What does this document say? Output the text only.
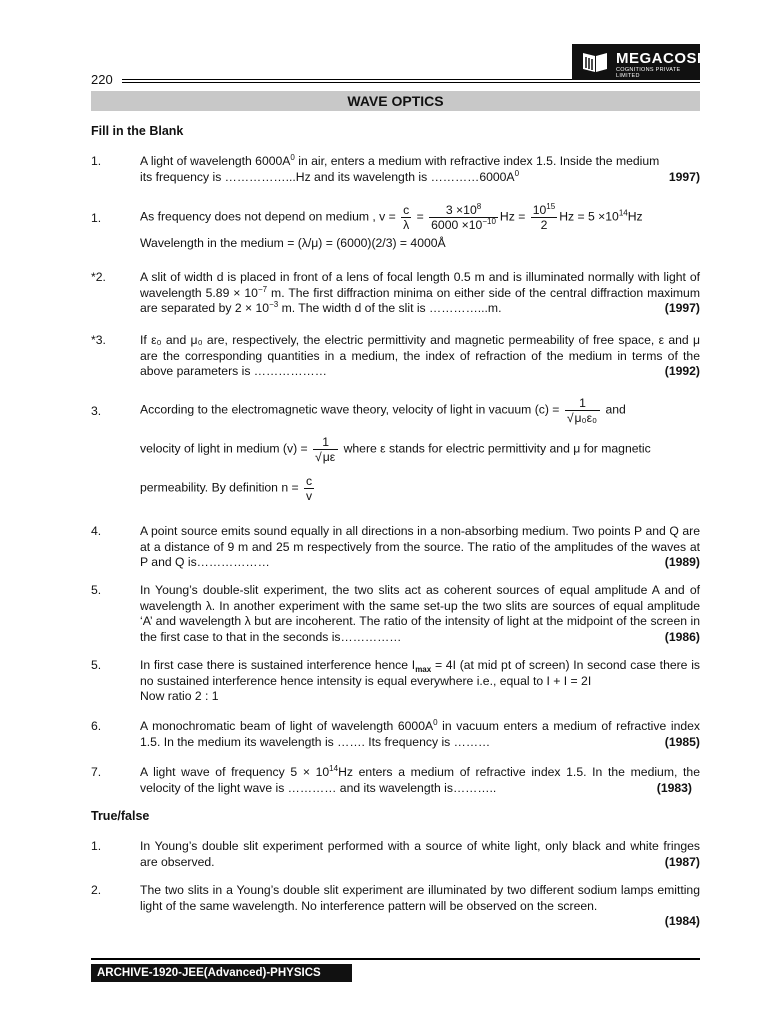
220
MEGACOSM
COGNITIONS PRIVATE LIMITED
WAVE OPTICS
Fill in the Blank
1.	A light of wavelength $6000A^0$ in air, enters a medium with refractive index 1.5. Inside the medium
its frequency is ……………...Hz and its wavelength is $\dots\dots\dots\dots 6000A^0$	1997)
1.	As frequency does not depend on medium , $v = \frac{c}{\lambda} = \frac{3 \times 10^8}{6000 \times 10^{-10}}$ $Hz = \frac{10^{15}}{2}$ $Hz = 5 \times 10^{14}Hz$
Wavelength in the medium = (λ/μ) = (6000)(2/3) = 4000Å
*2.	A slit of width d is placed in front of a lens of focal length 0.5 m and is illuminated normally with light of wavelength $5.89 \times 10^{-7}$ m. The first diffraction minima on either side of the central diffraction maximum are separated by $2 \times 10^{-3}$ m. The width d of the slit is …………...m.	(1997)
*3.	If ε₀ and μ₀ are, respectively, the electric permittivity and magnetic permeability of free space, ε and μ are the corresponding quantities in a medium, the index of refraction of the medium in terms of the above parameters is ………………	(1992)
3.	According to the electromagnetic wave theory, velocity of light in vacuum $(c) = \frac{1}{\text{√μ₀ε₀}}$ and
velocity of light in medium $(v) = \frac{1}{√\mu\varepsilon}$ where ε stands for electric permittivity and μ for magnetic
permeability. By definition $n = \frac{c}{v}$
4.	A point source emits sound equally in all directions in a non-absorbing medium. Two points P and Q are at a distance of 9 m and 25 m respectively from the source. The ratio of the amplitudes of the waves at P and Q is………………	(1989)
5.	In Young’s double-slit experiment, the two slits act as coherent sources of equal amplitude A and of wavelength λ. In another experiment with the same set-up the two slits are sources of equal amplitude ‘A’ and wavelength λ but are incoherent. The ratio of the intensity of light at the midpoint of the screen in the first case to that in the seconds is……………	(1986)
5.	In first case there is sustained interference hence $I_{max} = 4I$ (at mid pt of screen) In second case there is no sustained interference hence intensity is equal everywhere i.e., equal to I + I = 2I
Now ratio 2 : 1
6.	A monochromatic beam of light of wavelength $6000A^0$ in vacuum enters a medium of refractive index 1.5. In the medium its wavelength is ……. Its frequency is ………	(1985)
7.	A light wave of frequency $5 \times 10^{14}Hz$ enters a medium of refractive index 1.5. In the medium, the velocity of the light wave is ………… and its wavelength is………..	(1983)
True/false
1.	In Young’s double slit experiment performed with a source of white light, only black and white fringes are observed.	(1987)
2.	The two slits in a Young’s double slit experiment are illuminated by two different sodium lamps emitting light of the same wavelength. No interference pattern will be observed on the screen.
(1984)
ARCHIVE-1920-JEE(Advanced)-PHYSICS
